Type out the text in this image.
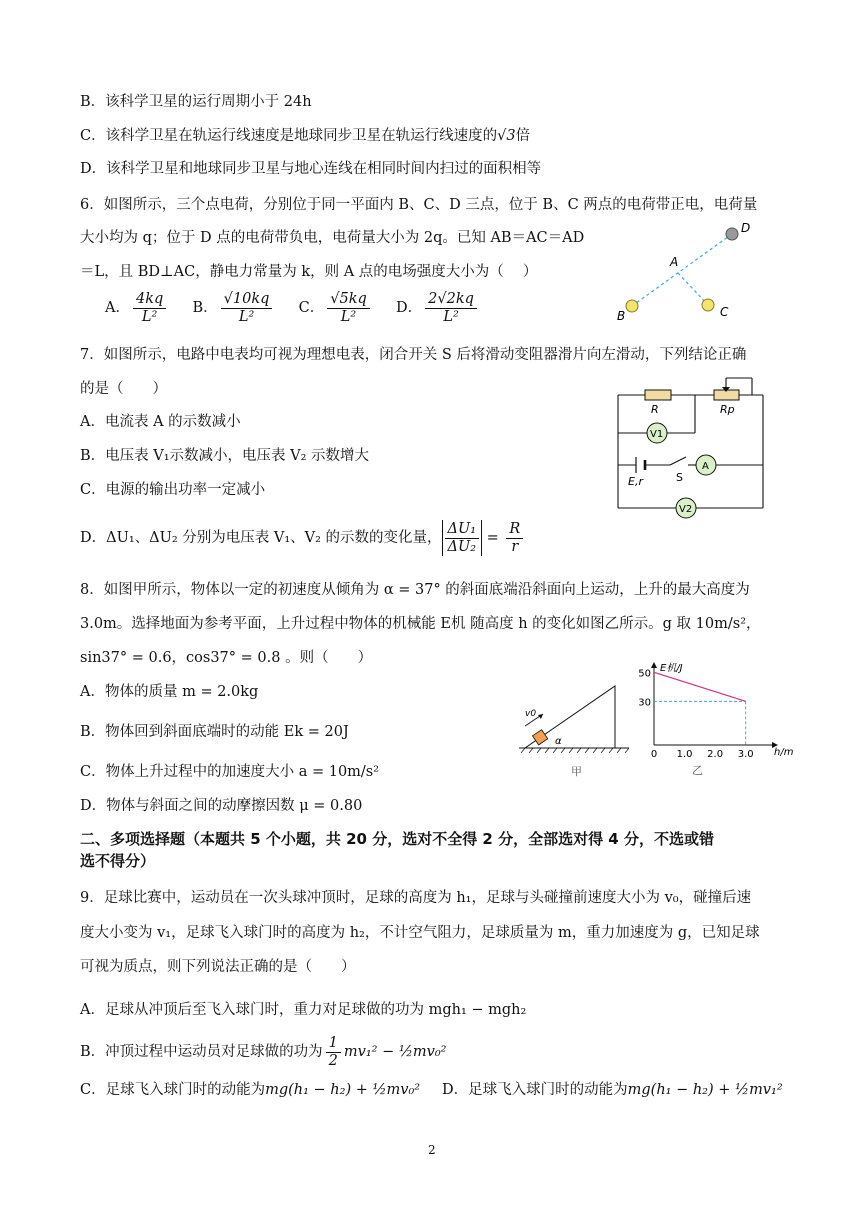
B．该科学卫星的运行周期小于 24h
C．该科学卫星在轨运行线速度是地球同步卫星在轨运行线速度的√3倍
D．该科学卫星和地球同步卫星与地心连线在相同时间内扫过的面积相等
6．如图所示，三个点电荷，分别位于同一平面内 B、C、D 三点，位于 B、C 两点的电荷带正电，电荷量
大小均为 q；位于 D 点的电荷带负电，电荷量大小为 2q。已知 AB＝AC＝AD
＝L，且 BD⊥AC，静电力常量为 k，则 A 点的电场强度大小为（　 ）
A． $\frac{4kq}{\text{L²}}$ B． $\frac{√10kq}{\text{L²}}$ C． $\frac{√5kq}{\text{L²}}$ D． $\frac{2√2kq}{\text{L²}}$
A
B	C
D
7．如图所示，电路中电表均可视为理想电表，闭合开关 S 后将滑动变阻器滑片向左滑动，下列结论正确
的是（　　）
A．电流表 A 的示数减小
B．电压表 V₁示数减小，电压表 V₂ 示数增大
C．电源的输出功率一定减小
D．ΔU₁、ΔU₂ 分别为电压表 V₁、V₂ 的示数的变化量， $\frac{\text{ΔU₁}}{\text{ΔU₂}} = \frac{R}{r}$
R	Rp
V1
A
V2
E,r	S
8．如图甲所示，物体以一定的初速度从倾角为 α = 37° 的斜面底端沿斜面向上运动，上升的最大高度为
3.0m。选择地面为参考平面，上升过程中物体的机械能 E机 随高度 h 的变化如图乙所示。g 取 10m/s²，
sin37° = 0.6，cos37° = 0.8 。则（　　）
A．物体的质量 m = 2.0kg
B．物体回到斜面底端时的动能 Ek = 20J
C．物体上升过程中的加速度大小 a = 10m/s²
D．物体与斜面之间的动摩擦因数 μ = 0.80
v0
α
甲
30
50
0 1.0 2.0 3.0 h/m
E机/J
乙
二、多项选择题（本题共 5 个小题，共 20 分，选对不全得 2 分，全部选对得 4 分，不选或错
选不得分）
9．足球比赛中，运动员在一次头球冲顶时，足球的高度为 h₁，足球与头碰撞前速度大小为 v₀，碰撞后速
度大小变为 v₁，足球飞入球门时的高度为 h₂，不计空气阻力，足球质量为 m，重力加速度为 g，已知足球
可视为质点，则下列说法正确的是（　　）
A．足球从冲顶后至飞入球门时，重力对足球做的功为 mgh₁ − mgh₂
B．冲顶过程中运动员对足球做的功为 $\frac{1}{2} mv_1^2$ − ½mv₀²
C．足球飞入球门时的动能为mg(h₁ − h₂) + ½mv₀² D．足球飞入球门时的动能为mg(h₁ − h₂) + ½mv₁²
2
